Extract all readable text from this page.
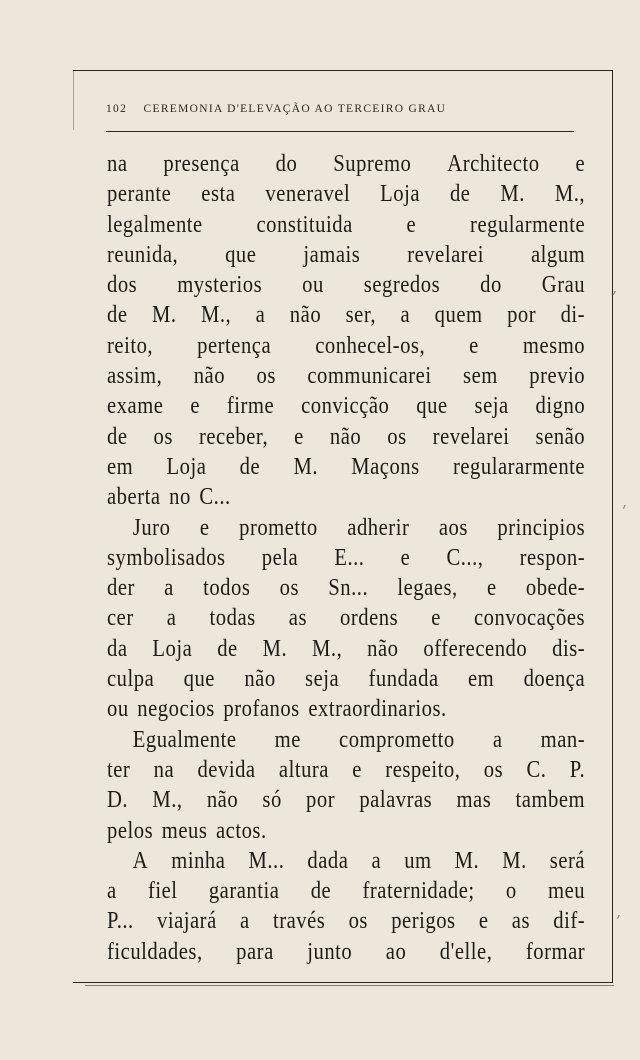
102 CEREMONIA D'ELEVAÇÃO AO TERCEIRO GRAU
na presença do Supremo Architecto e
perante esta veneravel Loja de M. M.,
legalmente constituida e regularmente
reunida, que jamais revelarei algum
dos mysterios ou segredos do Grau
de M. M., a não ser, a quem por di-
reito, pertença conhecel-os, e mesmo
assim, não os communicarei sem previo
exame e firme convicção que seja digno
de os receber, e não os revelarei senão
em Loja de M. Maçons regulararmente
aberta no C...
Juro e prometto adherir aos principios
symbolisados pela E... e C..., respon-
der a todos os Sn... legaes, e obede-
cer a todas as ordens e convocações
da Loja de M. M., não offerecendo dis-
culpa que não seja fundada em doença
ou negocios profanos extraordinarios.
Egualmente me comprometto a man-
ter na devida altura e respeito, os C. P.
D. M., não só por palavras mas tambem
pelos meus actos.
A minha M... dada a um M. M. será
a fiel garantia de fraternidade; o meu
P... viajará a través os perigos e as dif-
ficuldades, para junto ao d'elle, formar
‚
,
‚
